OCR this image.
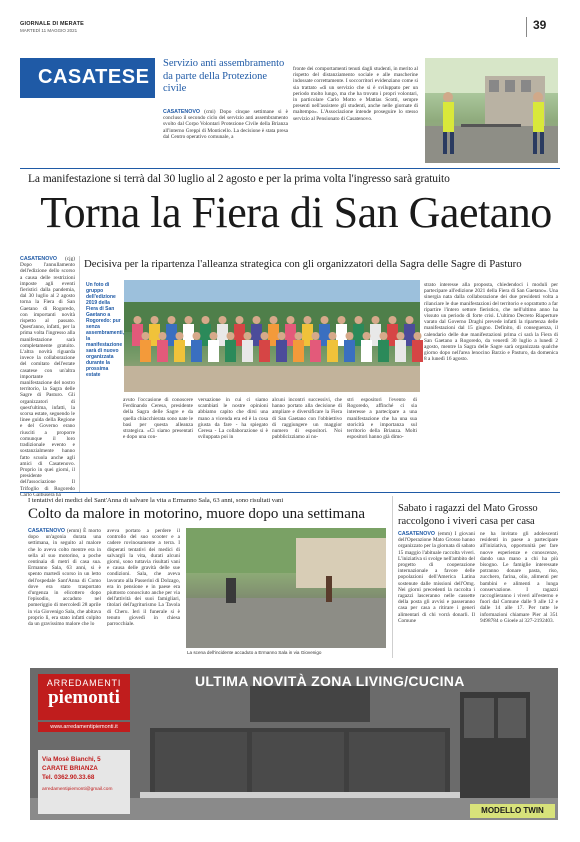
GIORNALE DI MERATE
MARTEDÌ 11 MAGGIO 2021	39
CASATESE
Servizio anti assembramento da parte della Protezione civile
CASATENOVO (cmi) Dopo cinque settimane si è concluso il secondo ciclo del servizio anti assembramento svolto dal Corpo Volontari Protezione Civile della Brianza all'interno Greppi di Monticello. La decisione è stata presa dal Centro operativo comunale, a
fronte dei comportamenti tenuti dagli studenti, in merito al rispetto del distanziamento sociale e alle mascherine indossate correttamente. I soccorritori evidenziano come si sia trattato «di un servizio che si è sviluppato per un periodo molto lungo, ma che ha trovato i propri volontari, in particolare Carlo Motto e Mattias Scotti, sempre presenti nell'assistere gli studenti, anche nelle giornate di maltempo». L'Associazione intende proseguire lo stesso servizio al Pensionato di Casatenovo.
La manifestazione si terrà dal 30 luglio al 2 agosto e per la prima volta l'ingresso sarà gratuito
Torna la Fiera di San Gaetano
CASATENOVO (cjg) Dopo l'annullamento dell'edizione dello scorso a causa delle restrizioni imposte agli eventi fieristici dalla pandemia, dal 30 luglio al 2 agosto torna la Fiera di San Gaetano di Rogoredo, con importanti novità rispetto al passato. Quest'anno, infatti, per la prima volta l'ingresso alla manifestazione sarà completamente gratuito. L'altra novità riguarda invece la collaborazione del comitato dell'estate casatese con un'altra importante manifestazione del nostro territorio, la Sagra delle Sagre di Pasturo. Gli organizzatori di quest'ultima, infatti, la scorsa estate, seguendo le linee guida della Regione e del Governo erano riusciti a proporre comunque il loro tradizionale evento e sostanzialmente hanno fatto scuola anche agli amici di Casatenovo. Proprio in quei giorni, il presidente dell'associazione Il Trifoglio di Rogoredo Carlo Galbusera ha
Decisiva per la ripartenza l'alleanza strategica con gli organizzatori della Sagra delle Sagre di Pasturo
Un foto di gruppo dell'edizione 2019 della Fiera di San Gaetano a Rogoredo: pur senza assembramenti, la manifestazione sarà di nuovo organizzata durante la prossima estate
avuto l'occasione di conoscere Ferdinando Ceresa, presidente della Sagra delle Sagre e da quella chiacchierata sono nate le basi per questa alleanza strategica. «Ci siamo presentati e dopo una con-
versazione in cui ci siamo scambiati le nostre opinioni abbiamo capito che dirsi una mano a vicenda era ed è la cosa giusta da fare - ha spiegato Ceresa - La collaborazione si è sviluppata poi in
alcuni incontri successivi, che hanno portato alla decisione di ampliare e diversificare la Fiera di San Gaetano con l'obbiettivo di raggiungere un maggior numero di espositori. Noi pubblicizziamo ai no-
stri espositori l'evento di Rogoredo, affinché ci sia interesse a partecipare a una manifestazione che ha una sua storicità e importanza sul territorio della Brianza. Molti espositori hanno già dimo-
strato interesse alla proposta, chiedendoci i moduli per partecipare all'edizione 2021 della Fiera di San Gaetano». Una sinergia nata dalla collaborazione dei due presidenti volta a rilanciare le due manifestazioni del territorio e soprattutto a far ripartire l'intero settore fieristico, che nell'ultimo anno ha vissuto un periodo di forte crisi. L'ultimo Decreto Riaperture varato dal Governo Draghi prevede infatti la ripartenza delle manifestazioni dal 15 giugno. Definito, di conseguenza, il calendario delle due manifestazioni prima ci sarà la Fiera di San Gaetano a Rogoredo, da venerdì 30 luglio a lunedì 2 agosto, mentre la Sagra delle Sagre sarà organizzata qualche giorno dopo nell'area lenocino Barzio e Pasturo, da domenica 8 a lunedì 16 agosto.
I tentativi dei medici del Sant'Anna di salvare la vita a Ermanno Sala, 63 anni, sono risultati vani
Colto da malore in motorino, muore dopo una settimana
CASATENOVO (emm) È morto dopo un'agonia durata una settimana, in seguito al malore che lo aveva colto mentre era in sella al suo motorino, a poche centinaia di metri di casa sua. Ermanno Sala, 63 anni, si è spento martedì scorso in un letto dell'ospedale Sant'Anna di Como dove era stato trasportato d'urgenza in elicottero dopo l'episodio, accaduto nel pomeriggio di mercoledì 28 aprile in via Giovenigo Sala, che abitava proprio lì, era stato infatti colpito da un gravissimo malore che lo
aveva portato a perdere il controllo del suo scooter e a cadere rovinosamente a terra. I disperati tentativi dei medici di salvargli la vita, durati alcuni giorni, sono tuttavia risultati vani e causa delle gravità delle sue condizioni. Sala, che aveva lavorato alla Passerini di Dolzago, era in pensione e in paese era piuttosto conosciuto anche per via dell'attività dei suoi famigliari, titolari dell'agriturismo La Tavola di Cheru. Ieri il funerale si è tenuto giovedì in chiesa parrocchiale.
La scena dell'incidente accaduto a Ermanno Sala in via Giovenigo
Sabato i ragazzi del Mato Grosso raccolgono i viveri casa per casa
CASATENOVO (emm) I giovani dell'Operazione Mato Grosso hanno organizzato per la giornata di sabato 15 maggio l'abituale raccolta viveri. L'iniziativa si svolge nell'ambito del progetto di cooperazione internazionale a favore delle popolazioni dell'America Latina sostenute dalle missioni dell'Omg. Nei giorni precedenti la raccolta i ragazzi lasceranno nelle cassette della posta gli avvisi e passeranno casa per casa a ritirare i generi alimentari di chi vorrà donarli. Il Comune
ne ha invitato gli adolescenti residenti in paese a partecipare all'iniziativa, opportunità per fare nuove esperienze e conoscenze, dando una mano a chi ha più bisogno. Le famiglie interessate potranno donare pasta, riso, zucchero, farina, olio, alimenti per bambini e alimenti a lunga conservazione. I ragazzi raccoglieranno i viveri all'esterno e fuori dal Comune dalle 9 alle 12 e dalle 14 alle 17. Per tutte le informazioni chiamare Pier al 351 9498784 o Gioele al 327-2192403.
ARREDAMENTI
piemonti
www.arredamentipiemonti.it
ULTIMA NOVITÀ ZONA LIVING/CUCINA
Via Mosè Bianchi, 5
CARATE BRIANZA
Tel. 0362.90.33.68
arredamentipiemonti@gmail.com
MODELLO TWIN
